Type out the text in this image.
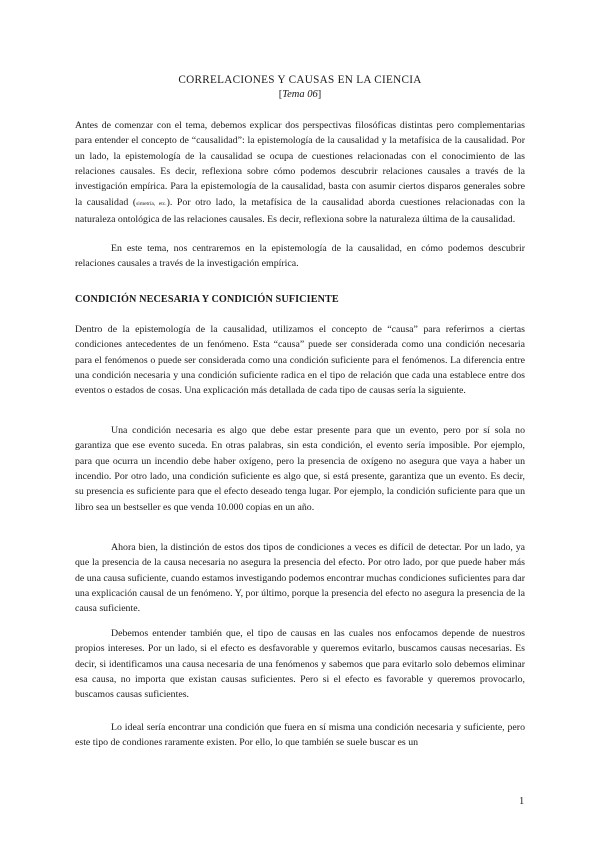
CORRELACIONES Y CAUSAS EN LA CIENCIA
[Tema 06]

Antes de comenzar con el tema, debemos explicar dos perspectivas filosóficas distintas pero complementarias para entender el concepto de “causalidad”: la epistemología de la causalidad y la metafísica de la causalidad. Por un lado, la epistemología de la causalidad se ocupa de cuestiones relacionadas con el conocimiento de las relaciones causales. Es decir, reflexiona sobre cómo podemos descubrir relaciones causales a través de la investigación empírica. Para la epistemología de la causalidad, basta con asumir ciertos disparos generales sobre la causalidad (simetría, etc.). Por otro lado, la metafísica de la causalidad aborda cuestiones relacionadas con la naturaleza ontológica de las relaciones causales. Es decir, reflexiona sobre la naturaleza última de la causalidad.

En este tema, nos centraremos en la epistemología de la causalidad, en cómo podemos descubrir relaciones causales a través de la investigación empírica.

CONDICIÓN NECESARIA Y CONDICIÓN SUFICIENTE

Dentro de la epistemología de la causalidad, utilizamos el concepto de “causa” para referirnos a ciertas condiciones antecedentes de un fenómeno. Esta “causa” puede ser considerada como una condición necesaria para el fenómenos o puede ser considerada como una condición suficiente para el fenómenos. La diferencia entre una condición necesaria y una condición suficiente radica en el tipo de relación que cada una establece entre dos eventos o estados de cosas. Una explicación más detallada de cada tipo de causas sería la siguiente.

Una condición necesaria es algo que debe estar presente para que un evento, pero por sí sola no garantiza que ese evento suceda. En otras palabras, sin esta condición, el evento sería imposible. Por ejemplo, para que ocurra un incendio debe haber oxígeno, pero la presencia de oxígeno no asegura que vaya a haber un incendio. Por otro lado, una condición suficiente es algo que, si está presente, garantiza que un evento. Es decir, su presencia es suficiente para que el efecto deseado tenga lugar. Por ejemplo, la condición suficiente para que un libro sea un bestseller es que venda 10.000 copias en un año.

Ahora bien, la distinción de estos dos tipos de condiciones a veces es difícil de detectar. Por un lado, ya que la presencia de la causa necesaria no asegura la presencia del efecto. Por otro lado, por que puede haber más de una causa suficiente, cuando estamos investigando podemos encontrar muchas condiciones suficientes para dar una explicación causal de un fenómeno. Y, por último, porque la presencia del efecto no asegura la presencia de la causa suficiente.

Debemos entender también que, el tipo de causas en las cuales nos enfocamos depende de nuestros propios intereses. Por un lado, si el efecto es desfavorable y queremos evitarlo, buscamos causas necesarias. Es decir, si identificamos una causa necesaria de una fenómenos y sabemos que para evitarlo solo debemos eliminar esa causa, no importa que existan causas suficientes. Pero si el efecto es favorable y queremos provocarlo, buscamos causas suficientes.

Lo ideal sería encontrar una condición que fuera en sí misma una condición necesaria y suficiente, pero este tipo de condiones raramente existen. Por ello, lo que también se suele buscar es un

1
